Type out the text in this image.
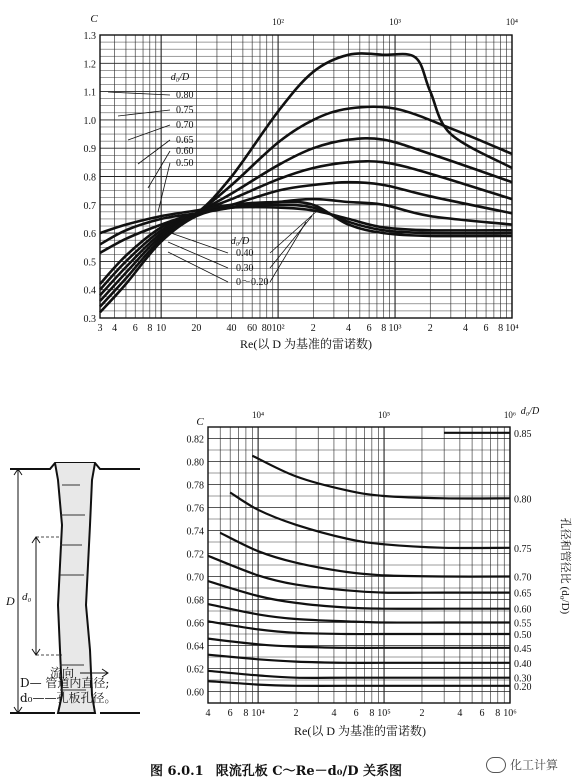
0.3
0.4
0.5
0.6
0.7
0.8
0.9
1.0
1.1
1.2
1.3
C
3 4 6 8 10	20	40 60 80 10²	2	4 6 8 10³	2	4 6 8 10⁴
10²	10³	10⁴
Re(以 D 为基准的雷诺数)
d₀/D
0.80
0.75
0.70
0.65
0.60
0.50
d₀/D
0.40
0.30
0～0.20
0.60
0.62
0.64
0.66
0.68
0.70
0.72
0.74
0.76
0.78
0.80
0.82
C
4 6 8 10⁴	2	4 6 8 10⁵	2	4 6 8 10⁶
10⁴	10⁵	10⁶
Re(以 D 为基准的雷诺数)
d₀/D
0.85
0.80
0.75
0.70
0.65
0.60
0.55
0.50
0.45
0.40
0.30
0.20
孔径和管径比 (d₀/D)
D d₀
流向
D— 管道内直径;
d₀——孔板孔径。
图 6.0.1 限流孔板 C～Re－d₀/D 关系图	化工计算
